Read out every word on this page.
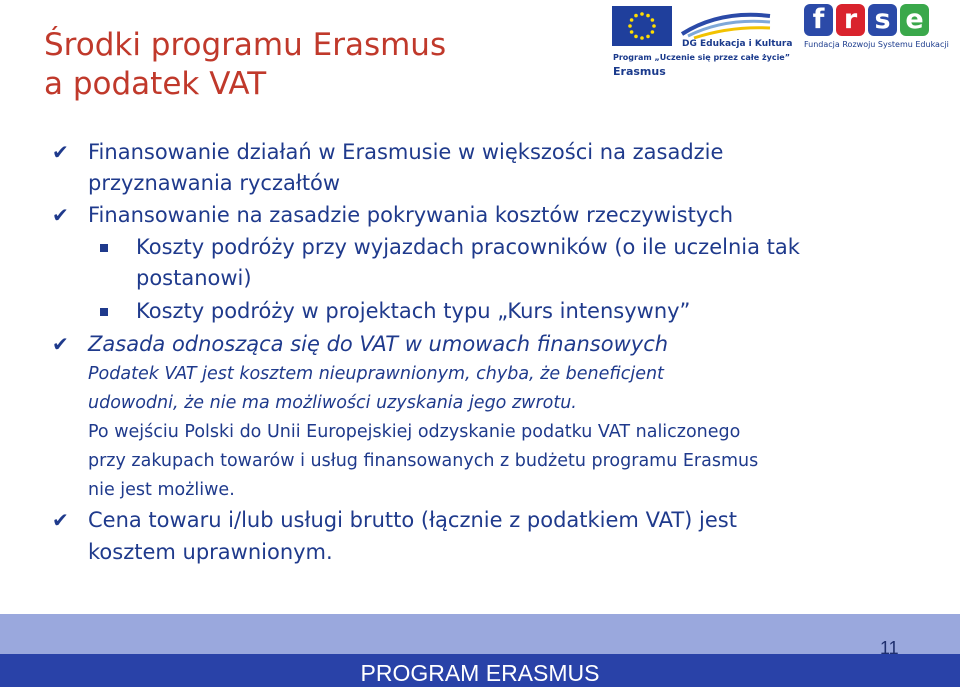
Środki programu Erasmus
a podatek VAT
DG Edukacja i Kultura
Program „Uczenie się przez całe życie”
Erasmus
f r s e
Fundacja Rozwoju Systemu Edukacji
✔ Finansowanie działań w Erasmusie w większości na zasadzie
przyznawania ryczałtów
✔ Finansowanie na zasadzie pokrywania kosztów rzeczywistych
Koszty podróży przy wyjazdach pracowników (o ile uczelnia tak
postanowi)
Koszty podróży w projektach typu „Kurs intensywny”
✔ Zasada odnosząca się do VAT w umowach finansowych
Podatek VAT jest kosztem nieuprawnionym, chyba, że beneficjent
udowodni, że nie ma możliwości uzyskania jego zwrotu.
Po wejściu Polski do Unii Europejskiej odzyskanie podatku VAT naliczonego
przy zakupach towarów i usług finansowanych z budżetu programu Erasmus
nie jest możliwe.
✔ Cena towaru i/lub usługi brutto (łącznie z podatkiem VAT) jest
kosztem uprawnionym.
PROGRAM ERASMUS
11
